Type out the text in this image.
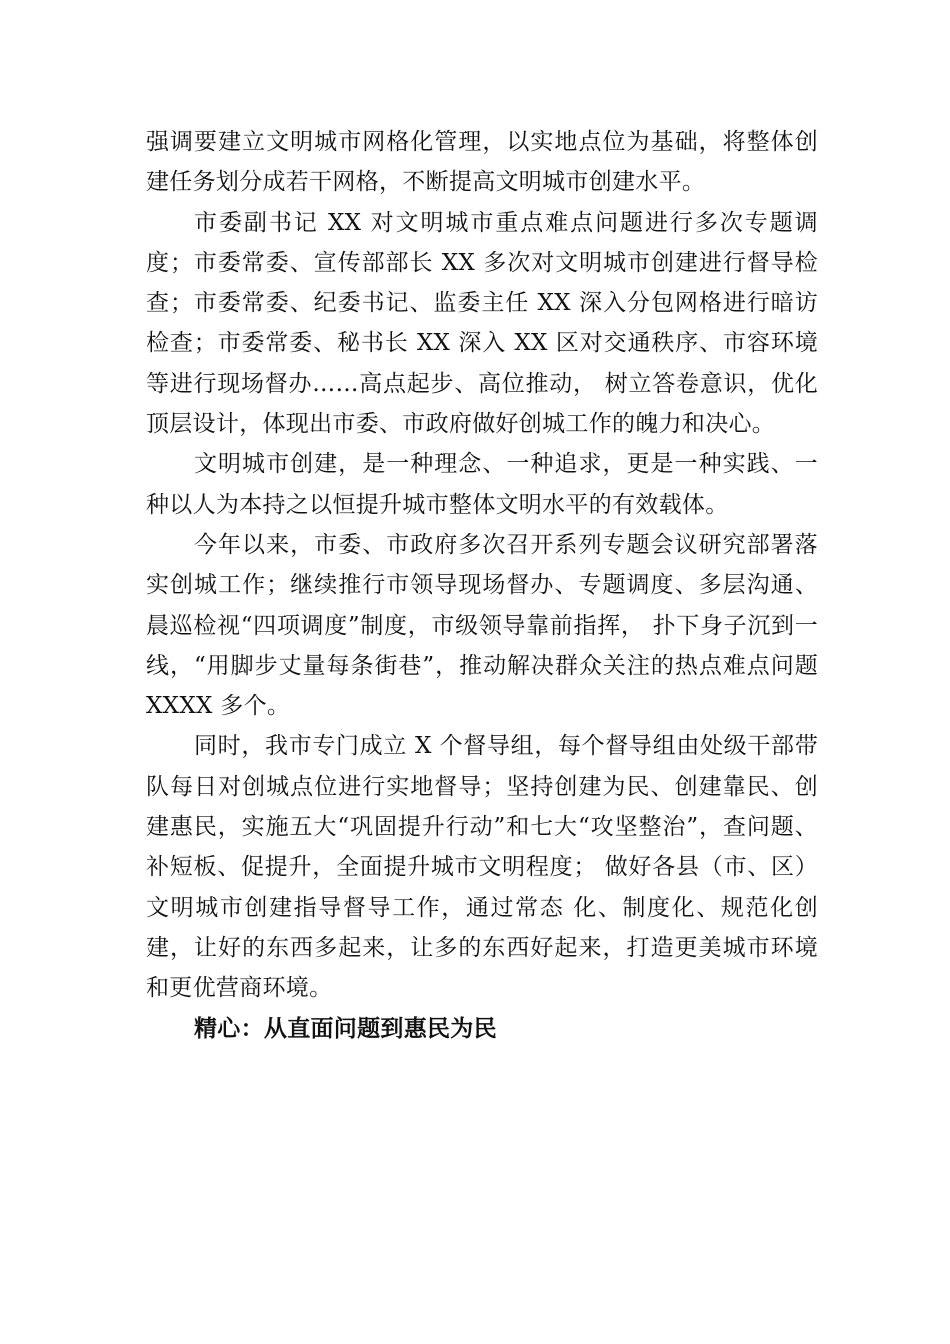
强调要建立文明城市网格化管理，以实地点位为基础，将整体创建任务划分成若干网格，不断提高文明城市创建水平。

市委副书记 XX 对文明城市重点难点问题进行多次专题调度；市委常委、宣传部部长 XX 多次对文明城市创建进行督导检查；市委常委、纪委书记、监委主任 XX 深入分包网格进行暗访检查；市委常委、秘书长 XX 深入 XX 区对交通秩序、市容环境等进行现场督办……高点起步、高位推动， 树立答卷意识，优化顶层设计，体现出市委、市政府做好创城工作的魄力和决心。

文明城市创建，是一种理念、一种追求，更是一种实践、一种以人为本持之以恒提升城市整体文明水平的有效载体。

今年以来，市委、市政府多次召开系列专题会议研究部署落实创城工作；继续推行市领导现场督办、专题调度、多层沟通、晨巡检视“四项调度”制度，市级领导靠前指挥， 扑下身子沉到一线，“用脚步丈量每条街巷”，推动解决群众关注的热点难点问题 XXXX 多个。

同时，我市专门成立 X 个督导组，每个督导组由处级干部带队每日对创城点位进行实地督导；坚持创建为民、创建靠民、创建惠民，实施五大“巩固提升行动”和七大“攻坚整治”，查问题、补短板、促提升，全面提升城市文明程度； 做好各县（市、区）文明城市创建指导督导工作，通过常态 化、制度化、规范化创建，让好的东西多起来，让多的东西好起来，打造更美城市环境和更优营商环境。

精心：从直面问题到惠民为民
